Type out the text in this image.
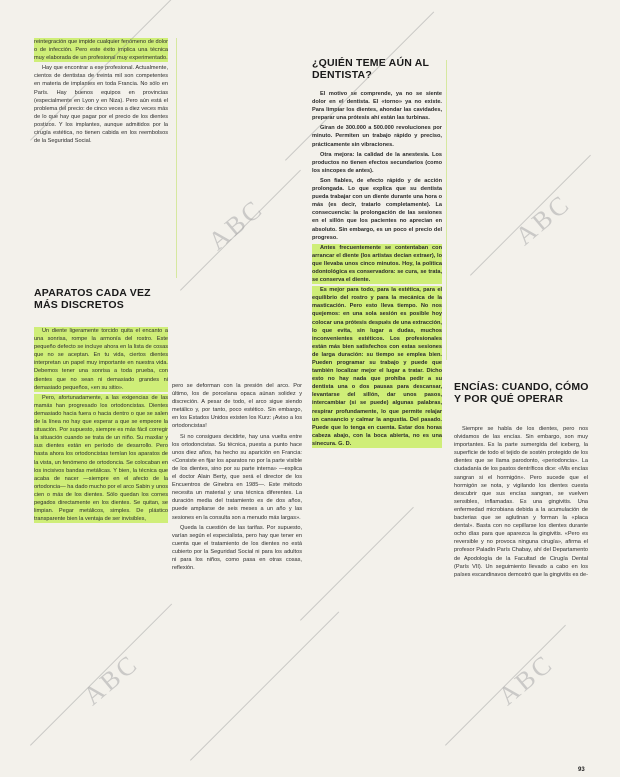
reintegración que impide cualquier fenómeno de dolor o de infección. Pero este éxito implica una técnica muy elaborada de un profesional muy experimentado.

Hay que encontrar a ese profesional. Actualmente, cientos de dentistas de treinta mil son competentes en materia de implantes en toda Francia. No sólo en París. Hay buenos equipos en provincias (especialmente en Lyon y en Niza). Pero aún está el problema del precio: de cinco veces a diez veces más de lo que hay que pagar por el precio de los dientes postizos. Y los implantes, aunque admitidos por la cirugía estética, no tienen cabida en los reembolsos de la Seguridad Social.

APARATOS CADA VEZ MÁS DISCRETOS

Un diente ligeramente torcido quita el encanto a una sonrisa, rompe la armonía del rostro. Este pequeño defecto se incluye ahora en la lista de cosas que no se aceptan. En tu vida, ciertos dientes interpretan un papel muy importante en nuestra vida. Debemos tener una sonrisa a toda prueba, con dientes que no sean ni demasiado grandes ni demasiado pequeños, «en su sitio».

Pero, afortunadamente, a las exigencias de las mamás han progresado los ortodoncistas. Dientes demasiado hacia fuera o hacia dentro o que se salen de la línea no hay que esperar a que se empeore la situación. Por supuesto, siempre es más fácil corregir la situación cuando se trata de un niño. Su maxilar y sus dientes están en período de desarrollo. Pero hasta ahora los ortodoncistas temían los aparatos de la vista, un fenómeno de ortodoncia. Se colocaban en los incisivos bandas metálicas. Y bien, la técnica que acaba de nacer —siempre en el afecto de la ortodoncia— ha dado mucho por el arco Sabin y unos cien o más de los dientes. Sólo quedan los cornes pegados directamente en los dientes. Se quitan, se limpian. Pegar metálicos, simples. De plástico transparente bien la ventaja de ser invisibles,

pero se deforman con la presión del arco. Por último, los de porcelana opaca aúnan solidez y discreción. A pesar de todo, el arco sigue siendo metálico y, por tanto, poco estético. Sin embargo, en los Estados Unidos existen los Kurz: ¡Aviso a los ortodoncistas!

Si no consigues decidirte, hay una vuelta entre los ortodoncistas. Su técnica, puesta a punto hace unos diez años, ha hecho su aparición en Francia: «Consiste en fijar los aparatos no por la parte visible de los dientes, sino por su parte interna» —explica el doctor Alain Berty, que será el director de los Encuentros de Ginebra en 1985—. Este método necesita un material y una técnica diferentes. La duración media del tratamiento es de dos años, puede ampliarse de seis meses a un año y las sesiones en la consulta son a menudo más largas».

Queda la cuestión de las tarifas. Por supuesto, varían según el especialista, pero hay que tener en cuenta que el tratamiento de los dientes no está cubierto por la Seguridad Social ni para los adultos ni para los niños, como pasa en otras cosas, reflexión.

¿QUIÉN TEME AÚN AL DENTISTA?

El motivo se comprende, ya no se siente dolor en el dentista. El «torno» ya no existe. Para limpiar los dientes, ahondar las cavidades, preparar una prótesis ahí están las turbinas.

Giran de 300.000 a 500.000 revoluciones por minuto. Permiten un trabajo rápido y preciso, prácticamente sin vibraciones.

Otra mejora: la calidad de la anestesia. Los productos no tienen efectos secundarios (como los sincopes de antes).

Son fiables, de efecto rápido y de acción prolongada. Lo que explica que su dentista pueda trabajar con un diente durante una hora o más (es decir, tratarlo completamente). La consecuencia: la prolongación de las sesiones en el sillón que los pacientes no aprecian en absoluto. Sin embargo, es un poco el precio del progreso.

Antes frecuentemente se contentaban con arrancar el diente (los artistas decían extraer), lo que llevaba unos cinco minutos. Hoy, la política odontológica es conservadora: se cura, se trata, se conserva el diente.

Es mejor para todo, para la estética, para el equilibrio del rostro y para la mecánica de la masticación. Pero esto lleva tiempo. No nos quejemos: en una sola sesión es posible hoy colocar una prótesis después de una extracción, lo que evita, sin lugar a dudas, muchos inconvenientes estéticos. Los profesionales están más bien satisfechos con estas sesiones de larga duración: su tiempo se emplea bien. Pueden programar su trabajo y puede que también localizar mejor el lugar a tratar. Dicho esto no hay nada que prohíba pedir a su dentista una o dos pausas para descansar, levantarse del sillón, dar unos pasos, intercambiar (si se puede) algunas palabras, respirar profundamente, lo que permite relajar un cansancio y calmar la angustia. Del pasado. Puede que lo tenga en cuenta. Estar dos horas cabeza abajo, con la boca abierta, no es una sinecura. G. D.

ENCÍAS: CUANDO, CÓMO Y POR QUÉ OPERAR

Siempre se habla de los dientes, pero nos olvidamos de las encías. Sin embargo, son muy importantes. Es la parte sumergida del iceberg, la superficie de todo el tejido de sostén protegido de los dientes que se llama parodonto, «periodoncia». La ciudadanía de los pastos dentríficos dice: «Mis encías sangran si el hormigón». Pero sucede que el hormigón se nota, y vigilando los dientes cuesta descubrir que sus encías sangran, se vuelven sensibles, inflamadas. Es una gingivitis. Una enfermedad microbiana debida a la acumulación de bacterias que se aglutinan y forman la «placa dental». Basta con no cepillarse los dientes durante ocho días para que aparezca la gingivitis. «Pero es reversible y no provoca ninguna cirugía», afirma el profesor Paladín París Chabay, ahí del Departamento de Apodología de la Facultad de Cirugía Dental (París VII). Un seguimiento llevado a cabo en los países escandinavos demostró que la gingivitis es de-

93
ABC	ABC
ABC	ABC
